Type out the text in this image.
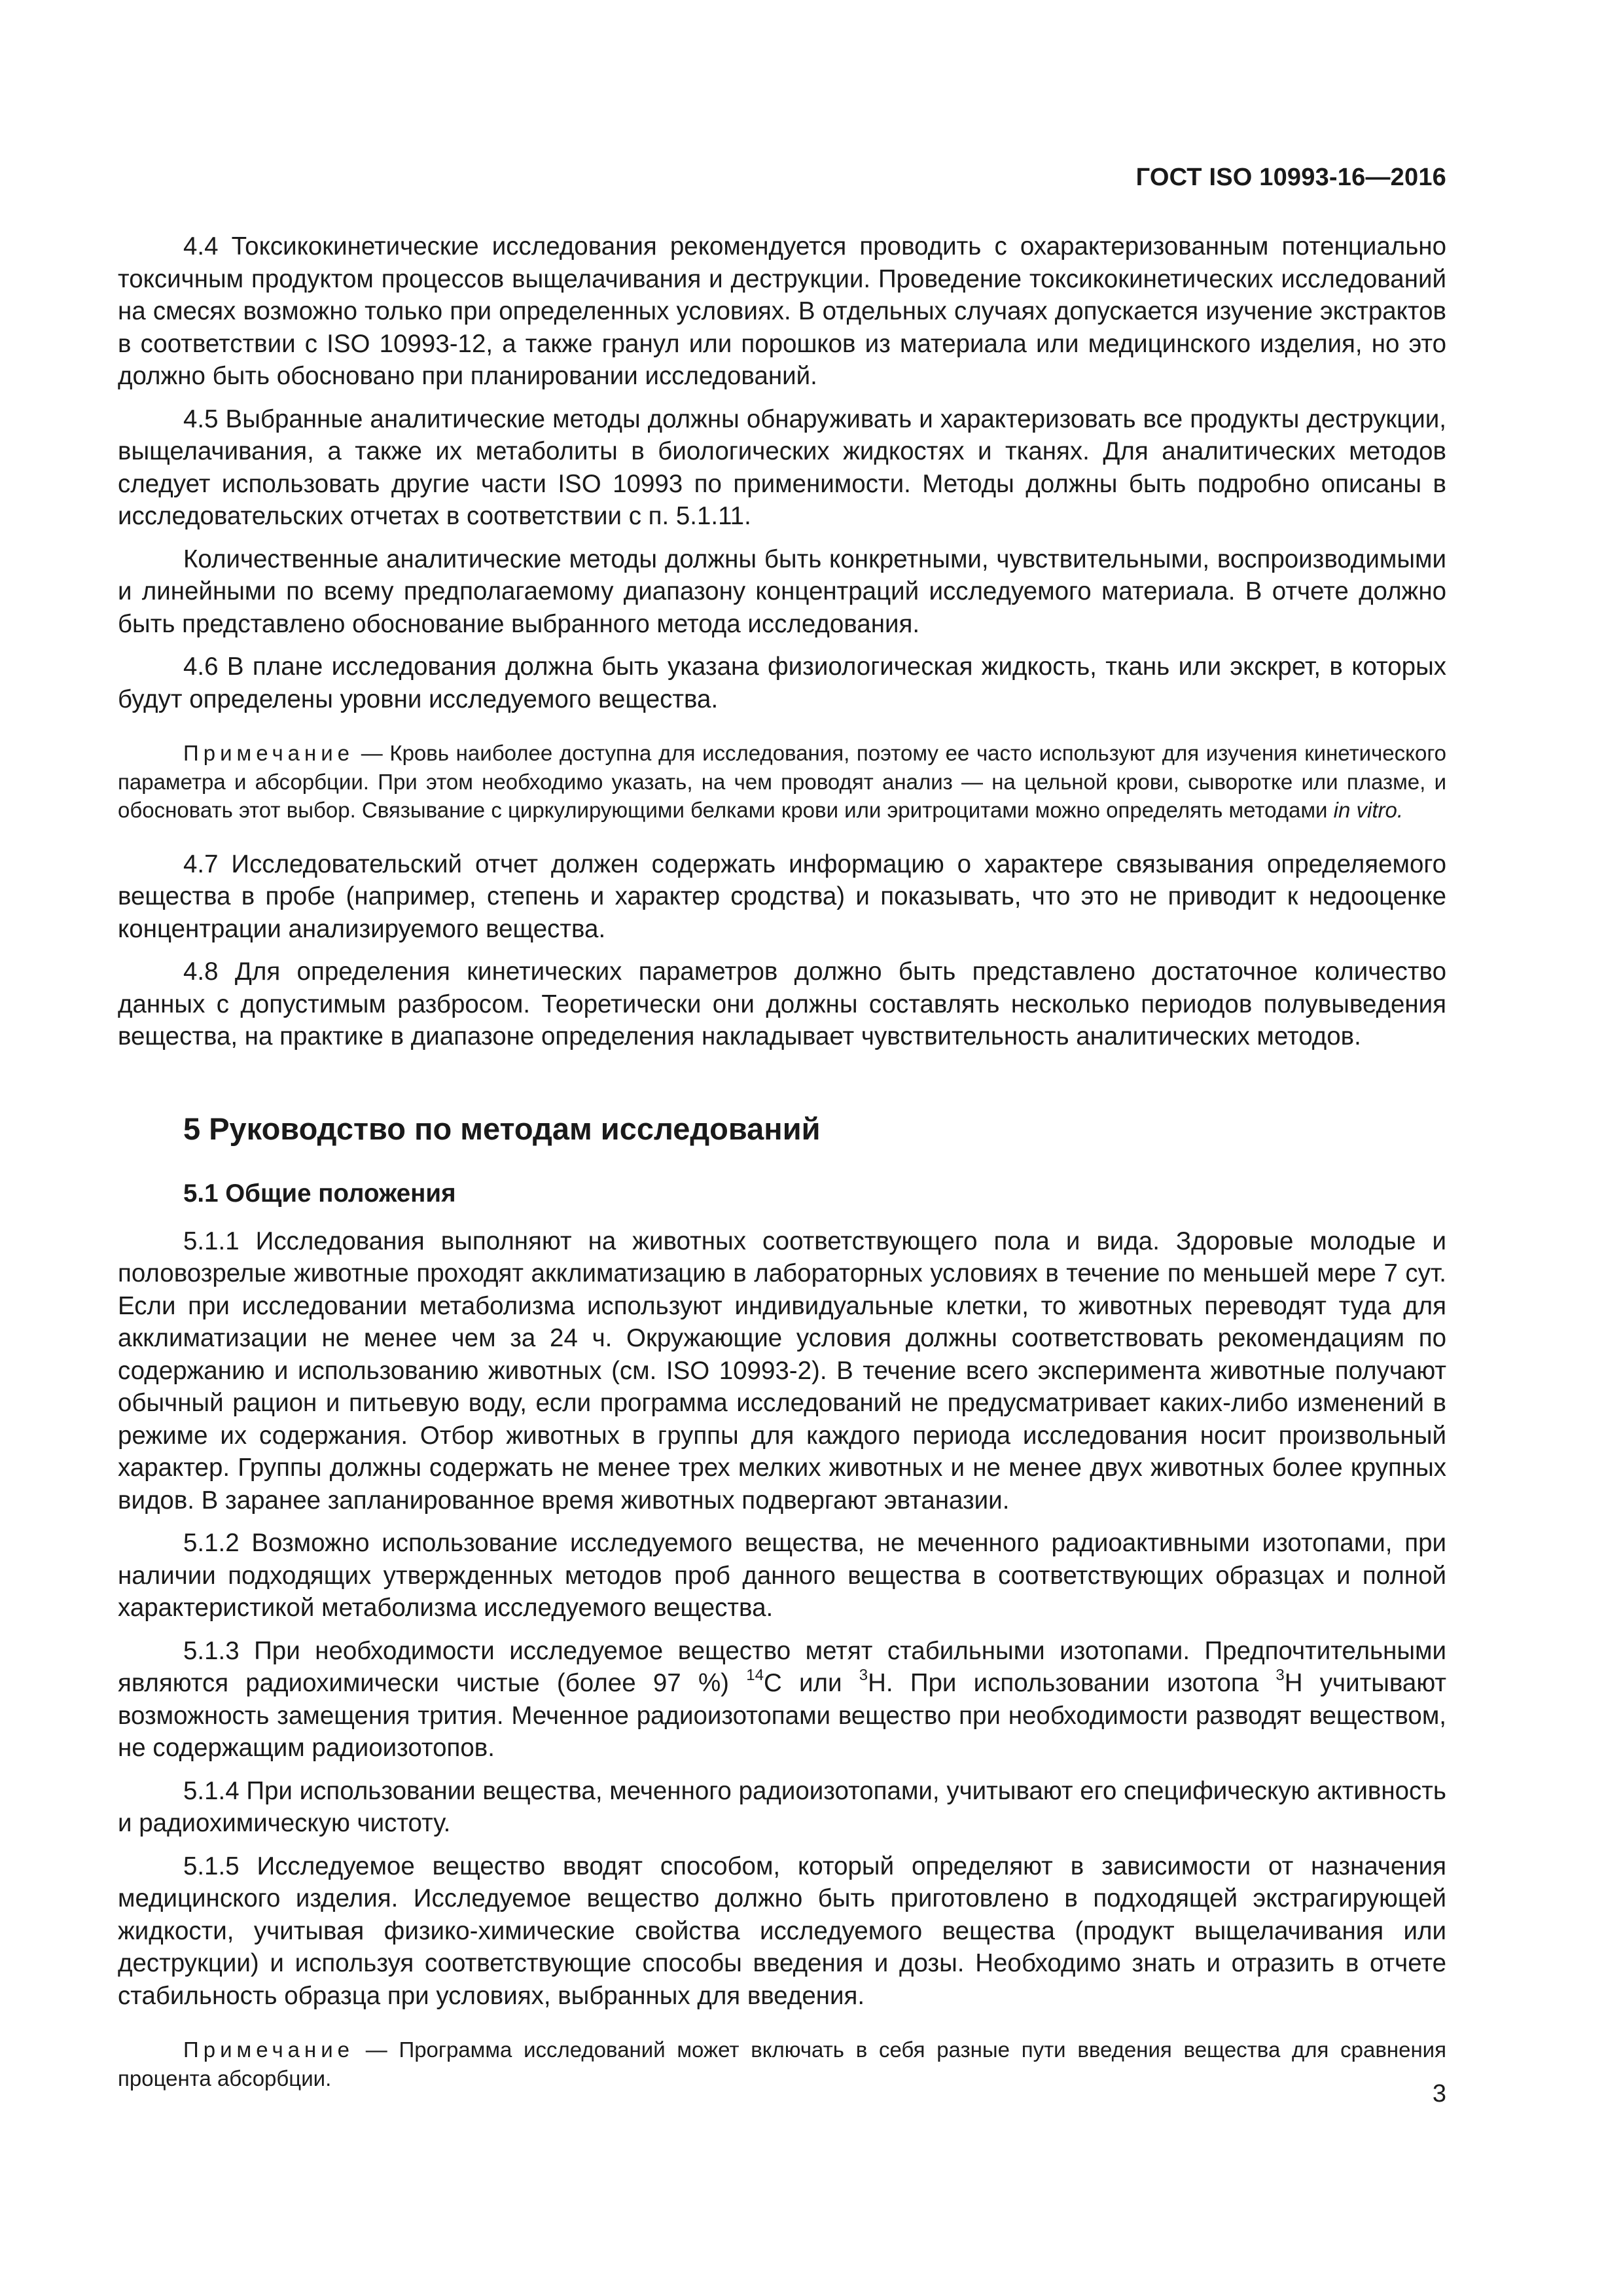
ГОСТ ISO 10993-16—2016

4.4 Токсикокинетические исследования рекомендуется проводить с охарактеризованным потенциально токсичным продуктом процессов выщелачивания и деструкции. Проведение токсикокинетических исследований на смесях возможно только при определенных условиях. В отдельных случаях допускается изучение экстрактов в соответствии с ISO 10993-12, а также гранул или порошков из материала или медицинского изделия, но это должно быть обосновано при планировании исследований.

4.5 Выбранные аналитические методы должны обнаруживать и характеризовать все продукты деструкции, выщелачивания, а также их метаболиты в биологических жидкостях и тканях. Для аналитических методов следует использовать другие части ISO 10993 по применимости. Методы должны быть подробно описаны в исследовательских отчетах в соответствии с п. 5.1.11.

Количественные аналитические методы должны быть конкретными, чувствительными, воспроизводимыми и линейными по всему предполагаемому диапазону концентраций исследуемого материала. В отчете должно быть представлено обоснование выбранного метода исследования.

4.6 В плане исследования должна быть указана физиологическая жидкость, ткань или экскрет, в которых будут определены уровни исследуемого вещества.

Примечание — Кровь наиболее доступна для исследования, поэтому ее часто используют для изучения кинетического параметра и абсорбции. При этом необходимо указать, на чем проводят анализ — на цельной крови, сыворотке или плазме, и обосновать этот выбор. Связывание с циркулирующими белками крови или эритроцитами можно определять методами in vitro.

4.7 Исследовательский отчет должен содержать информацию о характере связывания определяемого вещества в пробе (например, степень и характер сродства) и показывать, что это не приводит к недооценке концентрации анализируемого вещества.

4.8 Для определения кинетических параметров должно быть представлено достаточное количество данных с допустимым разбросом. Теоретически они должны составлять несколько периодов полувыведения вещества, на практике в диапазоне определения накладывает чувствительность аналитических методов.

5 Руководство по методам исследований
5.1 Общие положения

5.1.1 Исследования выполняют на животных соответствующего пола и вида. Здоровые молодые и половозрелые животные проходят акклиматизацию в лабораторных условиях в течение по меньшей мере 7 сут. Если при исследовании метаболизма используют индивидуальные клетки, то животных переводят туда для акклиматизации не менее чем за 24 ч. Окружающие условия должны соответствовать рекомендациям по содержанию и использованию животных (см. ISO 10993-2). В течение всего эксперимента животные получают обычный рацион и питьевую воду, если программа исследований не предусматривает каких-либо изменений в режиме их содержания. Отбор животных в группы для каждого периода исследования носит произвольный характер. Группы должны содержать не менее трех мелких животных и не менее двух животных более крупных видов. В заранее запланированное время животных подвергают эвтаназии.

5.1.2 Возможно использование исследуемого вещества, не меченного радиоактивными изотопами, при наличии подходящих утвержденных методов проб данного вещества в соответствующих образцах и полной характеристикой метаболизма исследуемого вещества.

5.1.3 При необходимости исследуемое вещество метят стабильными изотопами. Предпочтительными являются радиохимически чистые (более 97 %) $^{14}$С или $^3$Н. При использовании изотопа $^3$Н учитывают возможность замещения трития. Меченное радиоизотопами вещество при необходимости разводят веществом, не содержащим радиоизотопов.

5.1.4 При использовании вещества, меченного радиоизотопами, учитывают его специфическую активность и радиохимическую чистоту.

5.1.5 Исследуемое вещество вводят способом, который определяют в зависимости от назначения медицинского изделия. Исследуемое вещество должно быть приготовлено в подходящей экстрагирующей жидкости, учитывая физико-химические свойства исследуемого вещества (продукт выщелачивания или деструкции) и используя соответствующие способы введения и дозы. Необходимо знать и отразить в отчете стабильность образца при условиях, выбранных для введения.

Примечание — Программа исследований может включать в себя разные пути введения вещества для сравнения процента абсорбции.

3
